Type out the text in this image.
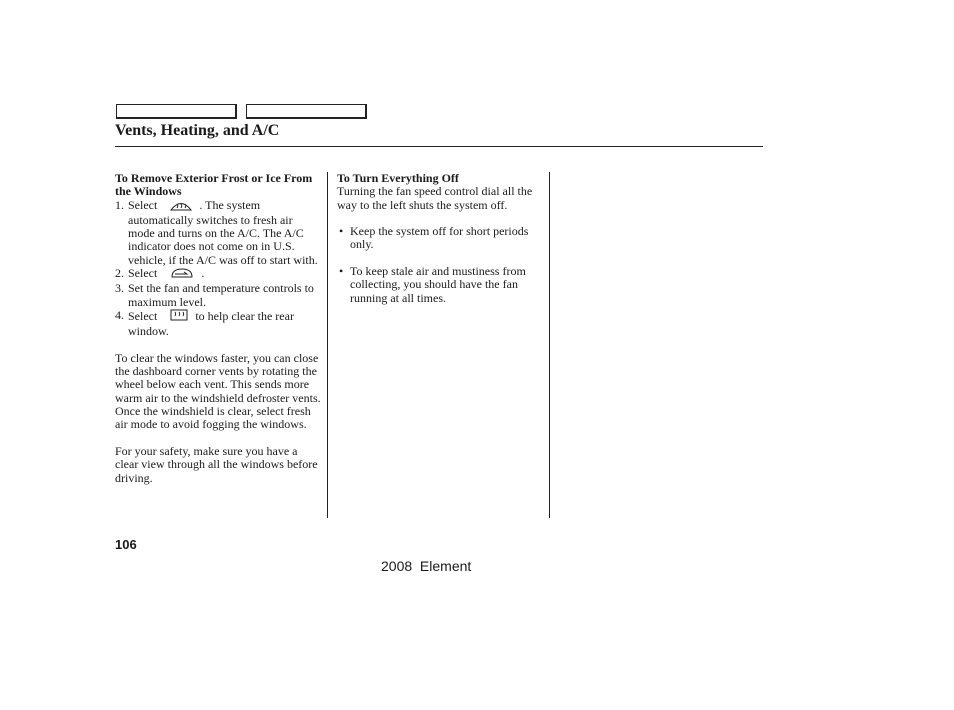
Vents, Heating, and A/C

To Remove Exterior Frost or Ice From the Windows

1. Select	. The system automatically switches to fresh air mode and turns on the A/C. The A/C indicator does not come on in U.S. vehicle, if the A/C was off to start with.
2. Select	.
3. Set the fan and temperature controls to maximum level.
4. Select	to help clear the rear window.

To clear the windows faster, you can close the dashboard corner vents by rotating the wheel below each vent. This sends more warm air to the windshield defroster vents. Once the windshield is clear, select fresh air mode to avoid fogging the windows.

For your safety, make sure you have a clear view through all the windows before driving.

To Turn Everything Off

Turning the fan speed control dial all the way to the left shuts the system off.

• Keep the system off for short periods only.
• To keep stale air and mustiness from collecting, you should have the fan running at all times.
106
2008  Element
